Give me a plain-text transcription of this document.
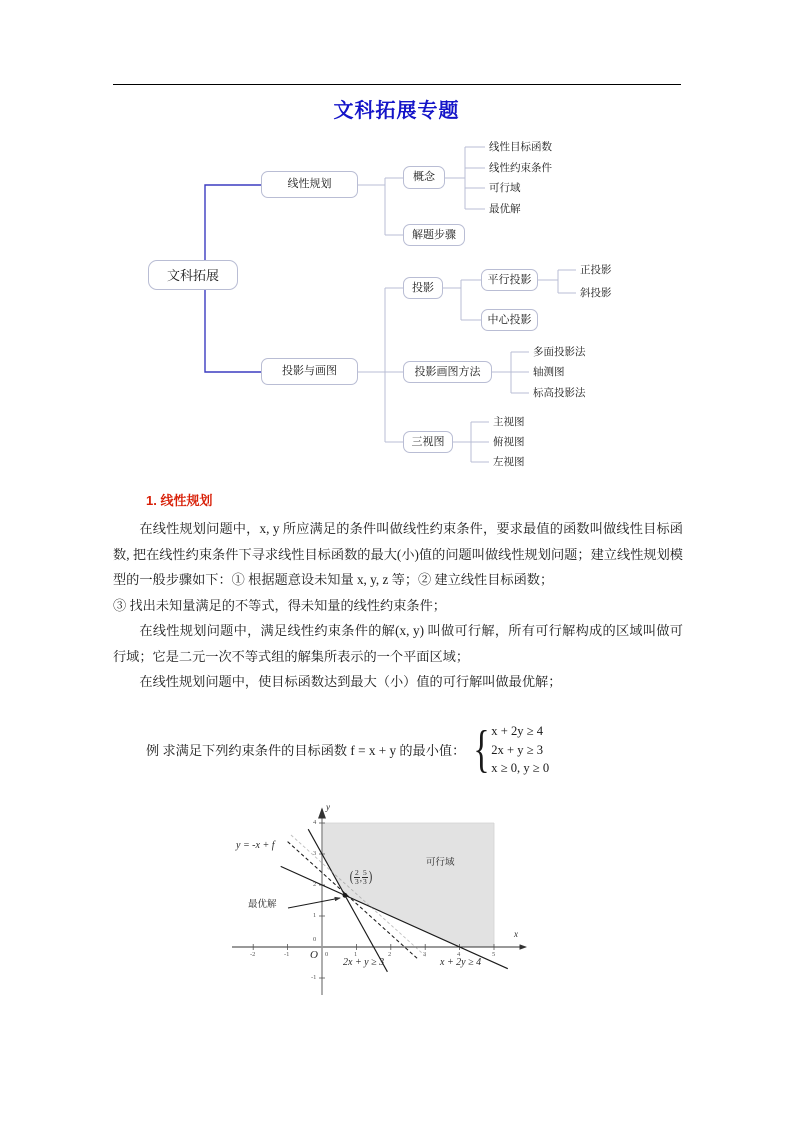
文科拓展专题
文科拓展
线性规划
投影与画图
概念
解题步骤
线性目标函数
线性约束条件
可行域
最优解
投影
投影画图方法
三视图
平行投影
中心投影
正投影
斜投影
多面投影法
轴测图
标高投影法
主视图
俯视图
左视图
1. 线性规划

在线性规划问题中，x, y 所应满足的条件叫做线性约束条件，要求最值的函数叫做线性目标函数, 把在线性约束条件下寻求线性目标函数的最大(小)值的问题叫做线性规划问题；建立线性规划模型的一般步骤如下：① 根据题意设未知量 x, y, z 等；② 建立线性目标函数；

③ 找出未知量满足的不等式，得未知量的线性约束条件；

在线性规划问题中，满足线性约束条件的解(x, y) 叫做可行解，所有可行解构成的区域叫做可行域；它是二元一次不等式组的解集所表示的一个平面区域；

在线性规划问题中，使目标函数达到最大（小）值的可行解叫做最优解；

例 求满足下列约束条件的目标函数 f = x + y 的最小值： { x + 2y ≥ 4
2x + y ≥ 3
x ≥ 0, y ≥ 0
y
x
O
-2	-1	0	1	2	3	4	5
-1
0
1
2
3
4
y = -x + f
可行域
最优解
2x + y ≥ 3	x + 2y ≥ 4
( $\frac{2}{3}$ , $\frac{5}{3}$ )
